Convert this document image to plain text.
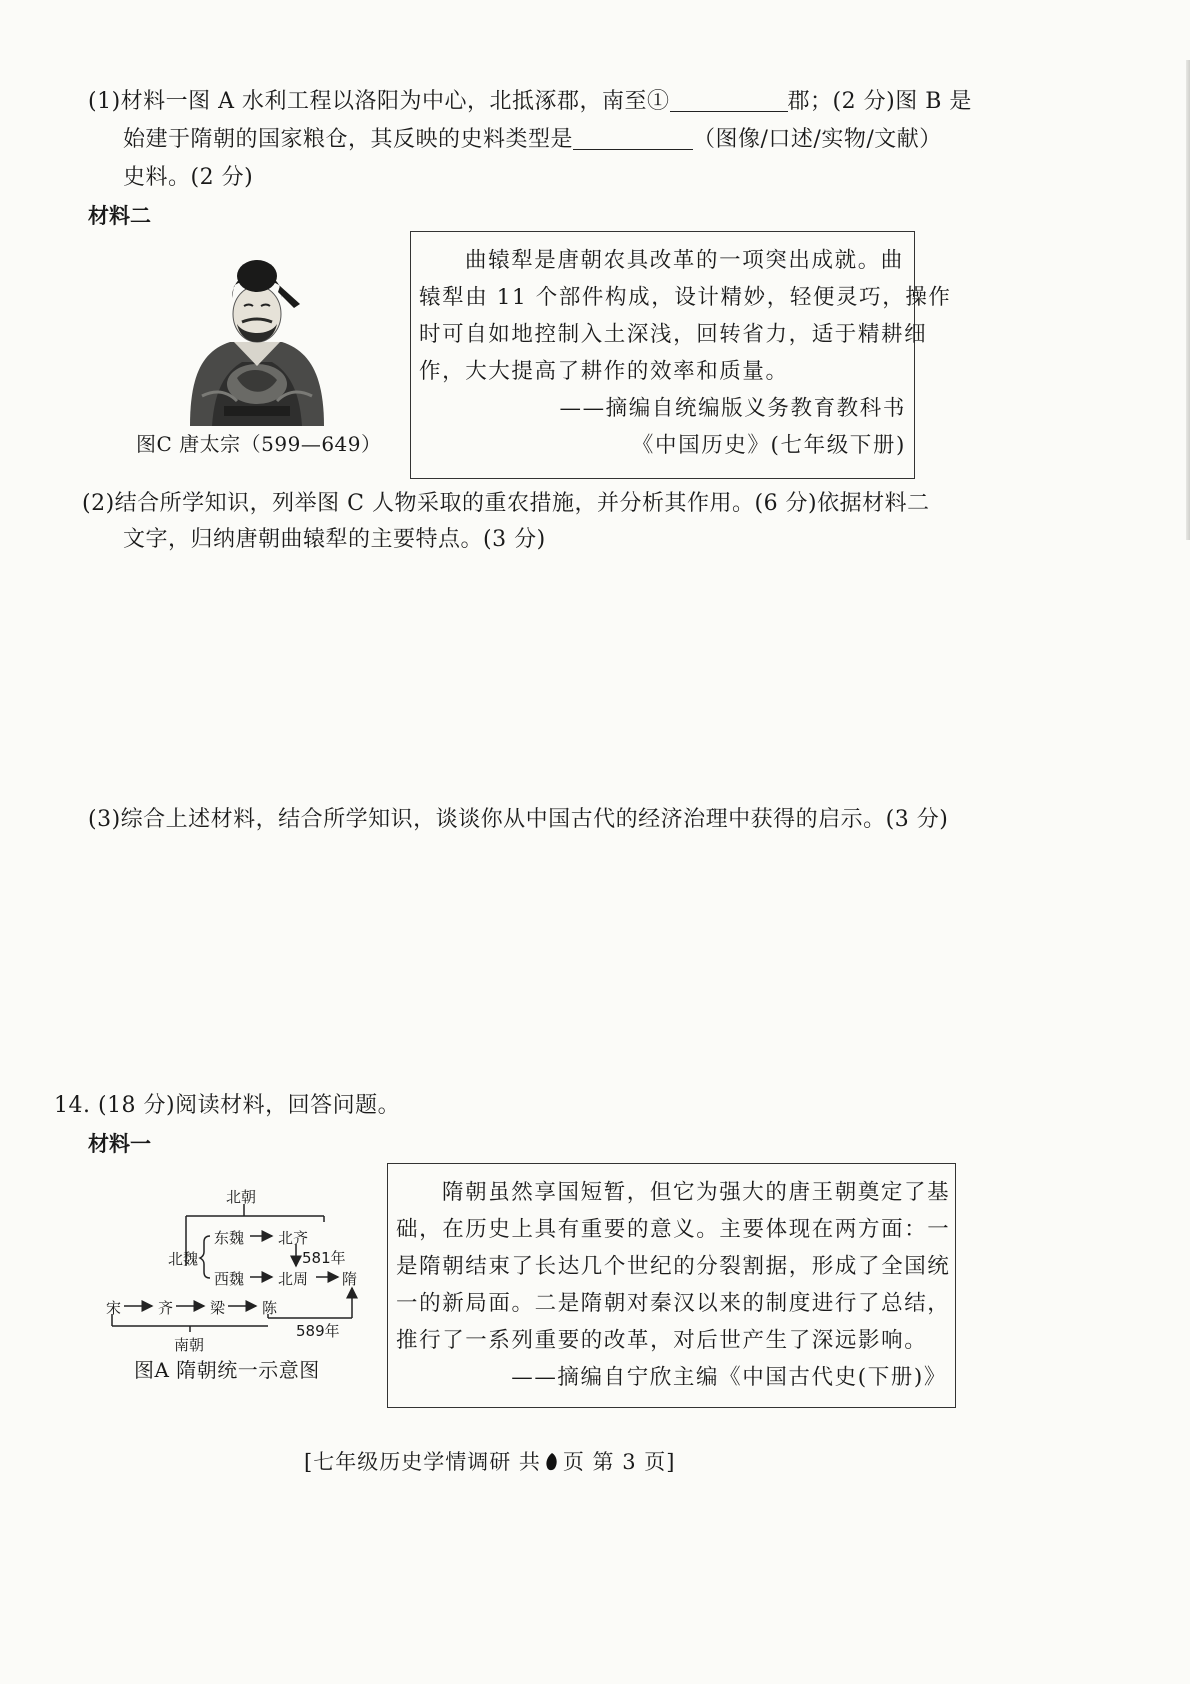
(1)材料一图 A 水利工程以洛阳为中心，北抵涿郡，南至①	郡；(2 分)图 B 是
始建于隋朝的国家粮仓，其反映的史料类型是	（图像/口述/实物/文献）
史料。(2 分)
材料二
图C 唐太宗（599—649）

曲辕犁是唐朝农具改革的一项突出成就。曲

辕犁由 11 个部件构成，设计精妙，轻便灵巧，操作

时可自如地控制入土深浅，回转省力，适于精耕细

作，大大提高了耕作的效率和质量。

——摘编自统编版义务教育教科书

《中国历史》(七年级下册)

(2)结合所学知识，列举图 C 人物采取的重农措施，并分析其作用。(6 分)依据材料二
文字，归纳唐朝曲辕犁的主要特点。(3 分)
(3)综合上述材料，结合所学知识，谈谈你从中国古代的经济治理中获得的启示。(3 分)
14. (18 分)阅读材料，回答问题。
材料一
北朝
东魏 北齐
北魏	581年
西魏 北周 隋
宋 齐 梁 陈
589年
南朝
图A 隋朝统一示意图

隋朝虽然享国短暂，但它为强大的唐王朝奠定了基

础，在历史上具有重要的意义。主要体现在两方面：一

是隋朝结束了长达几个世纪的分裂割据，形成了全国统

一的新局面。二是隋朝对秦汉以来的制度进行了总结，

推行了一系列重要的改革，对后世产生了深远影响。

——摘编自宁欣主编《中国古代史(下册)》

[七年级历史学情调研 共 页 第 3 页]
